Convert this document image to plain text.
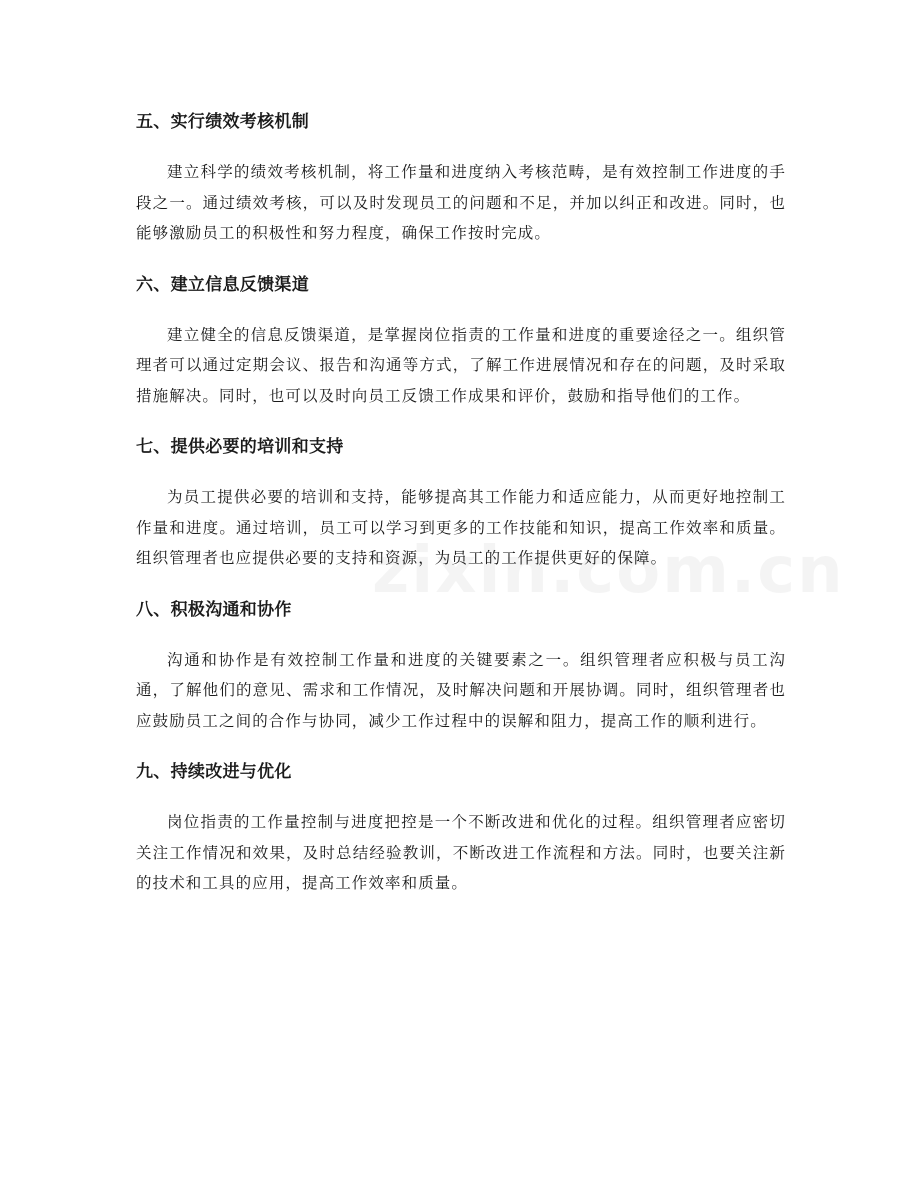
五、实行绩效考核机制

建立科学的绩效考核机制，将工作量和进度纳入考核范畴，是有效控制工作进度的手段之一。通过绩效考核，可以及时发现员工的问题和不足，并加以纠正和改进。同时，也能够激励员工的积极性和努力程度，确保工作按时完成。

六、建立信息反馈渠道

建立健全的信息反馈渠道，是掌握岗位指责的工作量和进度的重要途径之一。组织管理者可以通过定期会议、报告和沟通等方式，了解工作进展情况和存在的问题，及时采取措施解决。同时，也可以及时向员工反馈工作成果和评价，鼓励和指导他们的工作。

七、提供必要的培训和支持

为员工提供必要的培训和支持，能够提高其工作能力和适应能力，从而更好地控制工作量和进度。通过培训，员工可以学习到更多的工作技能和知识，提高工作效率和质量。组织管理者也应提供必要的支持和资源，为员工的工作提供更好的保障。

八、积极沟通和协作

沟通和协作是有效控制工作量和进度的关键要素之一。组织管理者应积极与员工沟通，了解他们的意见、需求和工作情况，及时解决问题和开展协调。同时，组织管理者也应鼓励员工之间的合作与协同，减少工作过程中的误解和阻力，提高工作的顺利进行。

九、持续改进与优化

岗位指责的工作量控制与进度把控是一个不断改进和优化的过程。组织管理者应密切关注工作情况和效果，及时总结经验教训，不断改进工作流程和方法。同时，也要关注新的技术和工具的应用，提高工作效率和质量。
